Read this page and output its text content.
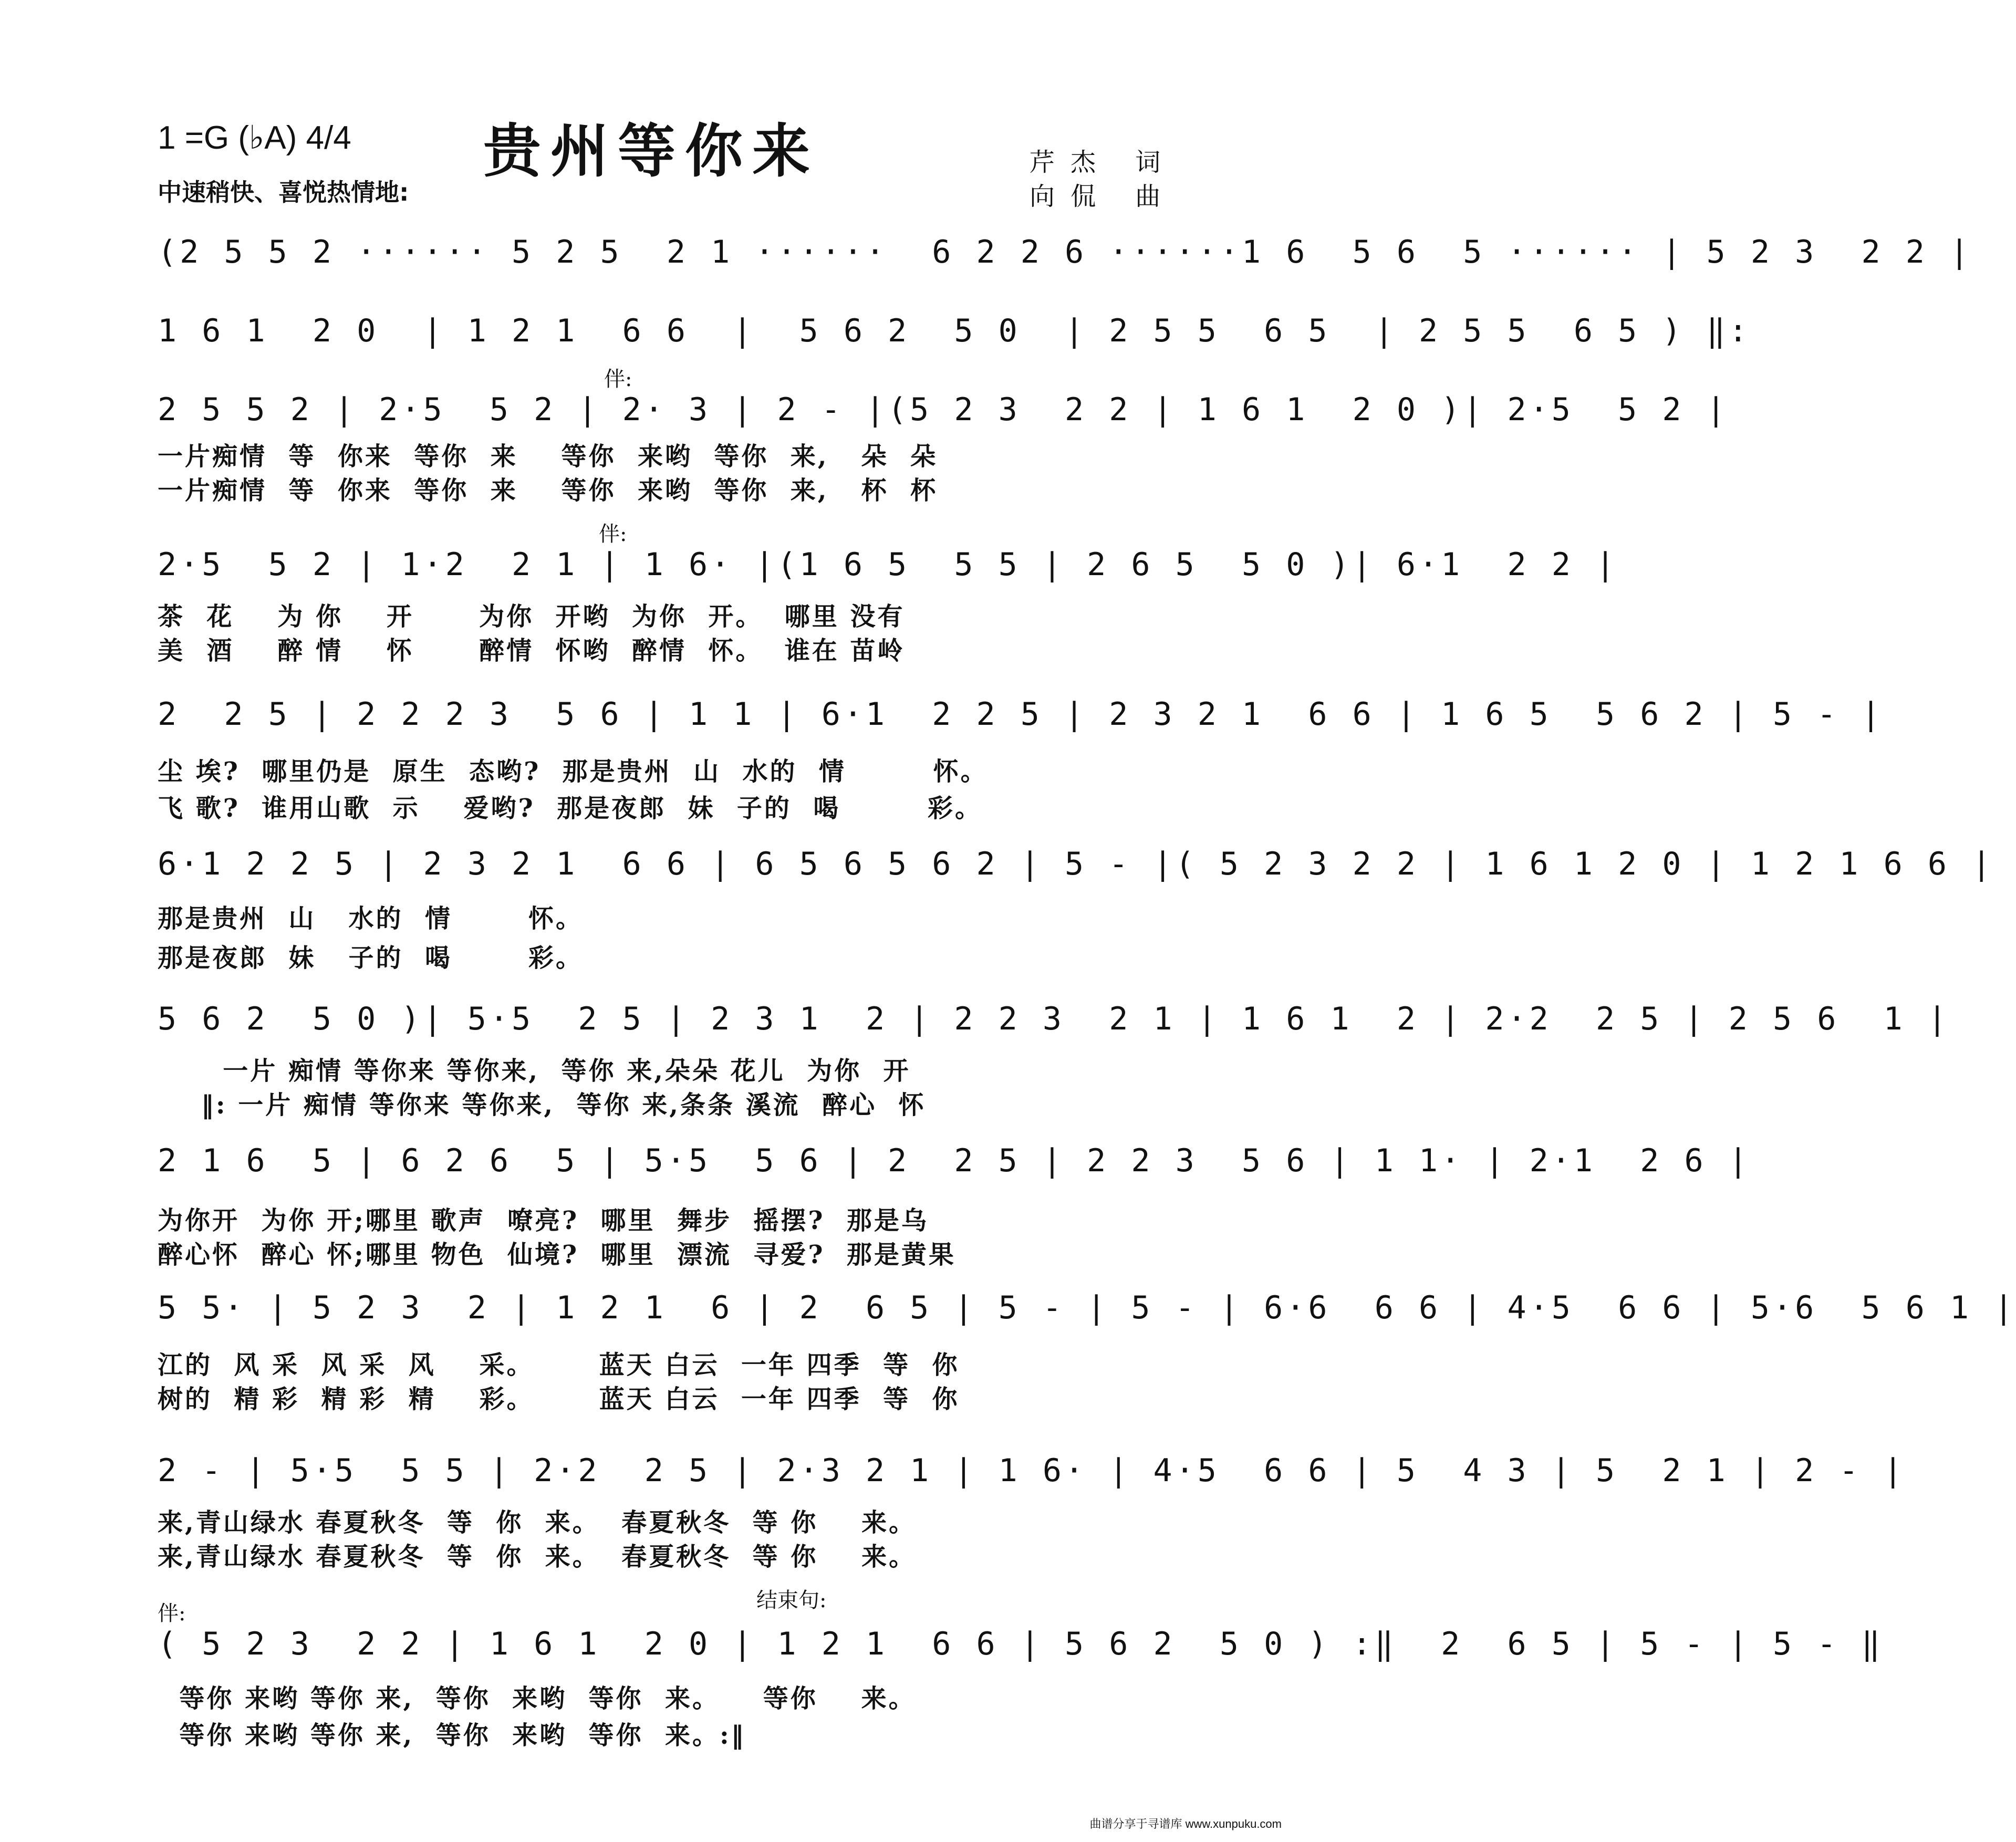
1 =G (♭A) 4/4
中速稍快、喜悦热情地:
贵州等你来	芹杰 词
向侃 曲
(2 5 5 2 ······ 5 2 5  2 1 ······  6 2 2 6 ······1 6  5 6  5 ······ | 5 2 3  2 2 |
1 6 1  2 0  | 1 2 1  6 6  |  5 6 2  5 0  | 2 5 5  6 5  | 2 5 5  6 5 ) ‖:
伴:
2 5 5 2 | 2·5  5 2 | 2· 3 | 2 - |(5 2 3  2 2 | 1 6 1  2 0 )| 2·5  5 2 |
一片痴情  等  你来  等你  来    等你  来哟  等你  来,   朵  朵
一片痴情  等  你来  等你  来    等你  来哟  等你  来,   杯  杯
伴:
2·5  5 2 | 1·2  2 1 | 1 6· |(1 6 5  5 5 | 2 6 5  5 0 )| 6·1  2 2 |
茶  花    为 你    开      为你  开哟  为你  开。  哪里 没有
美  酒    醉 情    怀      醉情  怀哟  醉情  怀。  谁在 苗岭
2  2 5 | 2 2 2 3  5 6 | 1 1 | 6·1  2 2 5 | 2 3 2 1  6 6 | 1 6 5  5 6 2 | 5 - |
尘 埃?  哪里仍是  原生  态哟?  那是贵州  山  水的  情        怀。
飞 歌?  谁用山歌  示    爱哟?  那是夜郎  妹  子的  喝        彩。
6·1 2 2 5 | 2 3 2 1  6 6 | 6 5 6 5 6 2 | 5 - |( 5 2 3 2 2 | 1 6 1 2 0 | 1 2 1 6 6 |
那是贵州  山   水的  情       怀。
那是夜郎  妹   子的  喝       彩。
5 6 2  5 0 )| 5·5  2 5 | 2 3 1  2 | 2 2 3  2 1 | 1 6 1  2 | 2·2  2 5 | 2 5 6  1 |
一片 痴情 等你来 等你来,  等你 来,朵朵 花儿  为你  开
‖: 一片 痴情 等你来 等你来,  等你 来,条条 溪流  醉心  怀
2 1 6  5 | 6 2 6  5 | 5·5  5 6 | 2  2 5 | 2 2 3  5 6 | 1 1· | 2·1  2 6 |
为你开  为你 开;哪里 歌声  嘹亮?  哪里  舞步  摇摆?  那是乌
醉心怀  醉心 怀;哪里 物色  仙境?  哪里  漂流  寻爱?  那是黄果
5 5· | 5 2 3  2 | 1 2 1  6 | 2  6 5 | 5 - | 5 - | 6·6  6 6 | 4·5  6 6 | 5·6  5 6 1 |
江的  风 采  风 采  风    采。      蓝天 白云  一年 四季  等  你
树的  精 彩  精 彩  精    彩。      蓝天 白云  一年 四季  等  你
2 - | 5·5  5 5 | 2·2  2 5 | 2·3 2 1 | 1 6· | 4·5  6 6 | 5  4 3 | 5  2 1 | 2 - |
来,青山绿水 春夏秋冬  等  你  来。  春夏秋冬  等 你    来。
来,青山绿水 春夏秋冬  等  你  来。  春夏秋冬  等 你    来。
伴:
结束句:
( 5 2 3  2 2 | 1 6 1  2 0 | 1 2 1  6 6 | 5 6 2  5 0 ) :‖  2  6 5 | 5 - | 5 - ‖
等你 来哟 等你 来,  等你  来哟  等你  来。    等你    来。
等你 来哟 等你 来,  等你  来哟  等你  来。:‖
曲谱分享于寻谱库 www.xunpuku.com
